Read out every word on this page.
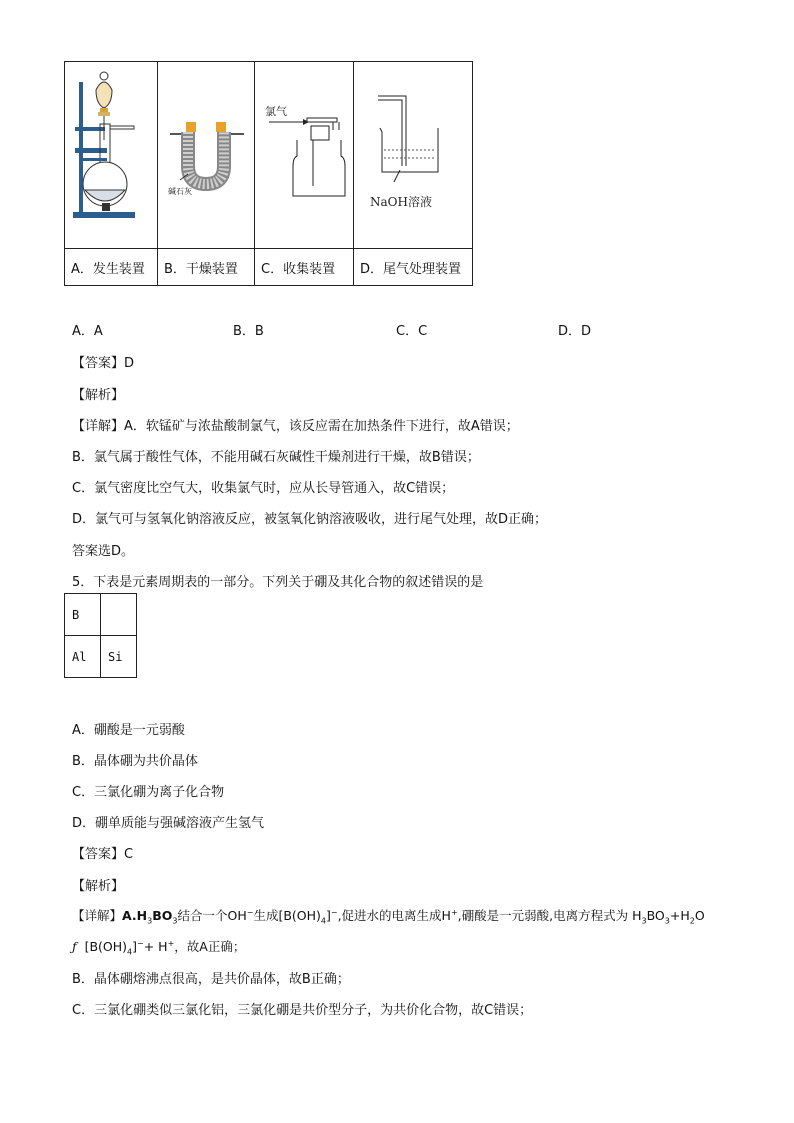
碱石灰	氯气	NaOH溶液

A．发生装置	B．干燥装置	C．收集装置	D．尾气处理装置
A．A	B．B	C．C	D．D
【答案】D
【解析】
【详解】A．软锰矿与浓盐酸制氯气，该反应需在加热条件下进行，故A错误；
B．氯气属于酸性气体，不能用碱石灰碱性干燥剂进行干燥，故B错误；
C．氯气密度比空气大，收集氯气时，应从长导管通入，故C错误；
D．氯气可与氢氧化钠溶液反应，被氢氧化钠溶液吸收，进行尾气处理，故D正确；
答案选D。
5．下表是元素周期表的一部分。下列关于硼及其化合物的叙述错误的是
B	
Al	Si
A．硼酸是一元弱酸
B．晶体硼为共价晶体
C．三氯化硼为离子化合物
D．硼单质能与强碱溶液产生氢气
【答案】C
【解析】
【详解】$A.H_3BO_3$结合一个OH−生成$[B(OH)_4]^-$,促进水的电离生成H+,硼酸是一元弱酸,电离方程式为 $H_3BO_3+H_2O$
ƒ $[B(OH)_4]^-+ H^+$，故A正确；
B．晶体硼熔沸点很高，是共价晶体，故B正确；
C．三氯化硼类似三氯化铝，三氯化硼是共价型分子，为共价化合物，故C错误；
